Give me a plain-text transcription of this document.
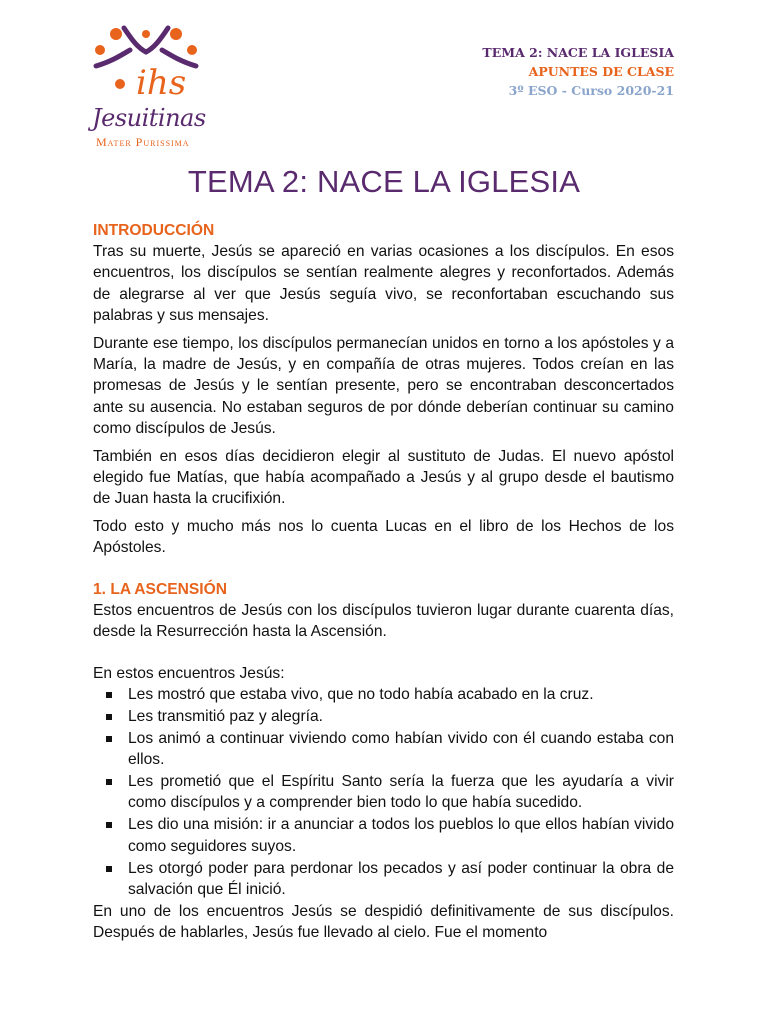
ihs
Jesuitinas
Mater Purissima
TEMA 2: NACE LA IGLESIA
APUNTES DE CLASE
3º ESO - Curso 2020-21
TEMA 2: NACE LA IGLESIA
INTRODUCCIÓN

Tras su muerte, Jesús se apareció en varias ocasiones a los discípulos. En esos encuentros, los discípulos se sentían realmente alegres y reconfortados. Además de alegrarse al ver que Jesús seguía vivo, se reconfortaban escuchando sus palabras y sus mensajes.

Durante ese tiempo, los discípulos permanecían unidos en torno a los apóstoles y a María, la madre de Jesús, y en compañía de otras mujeres. Todos creían en las promesas de Jesús y le sentían presente, pero se encontraban desconcertados ante su ausencia. No estaban seguros de por dónde deberían continuar su camino como discípulos de Jesús.

También en esos días decidieron elegir al sustituto de Judas. El nuevo apóstol elegido fue Matías, que había acompañado a Jesús y al grupo desde el bautismo de Juan hasta la crucifixión.

Todo esto y mucho más nos lo cuenta Lucas en el libro de los Hechos de los Apóstoles.

1. LA ASCENSIÓN

Estos encuentros de Jesús con los discípulos tuvieron lugar durante cuarenta días, desde la Resurrección hasta la Ascensión.

En estos encuentros Jesús:

Les mostró que estaba vivo, que no todo había acabado en la cruz.
Les transmitió paz y alegría.
Los animó a continuar viviendo como habían vivido con él cuando estaba con ellos.
Les prometió que el Espíritu Santo sería la fuerza que les ayudaría a vivir como discípulos y a comprender bien todo lo que había sucedido.
Les dio una misión: ir a anunciar a todos los pueblos lo que ellos habían vivido como seguidores suyos.
Les otorgó poder para perdonar los pecados y así poder continuar la obra de salvación que Él inició.
En uno de los encuentros Jesús se despidió definitivamente de sus discípulos. Después de hablarles, Jesús fue llevado al cielo. Fue el momento
